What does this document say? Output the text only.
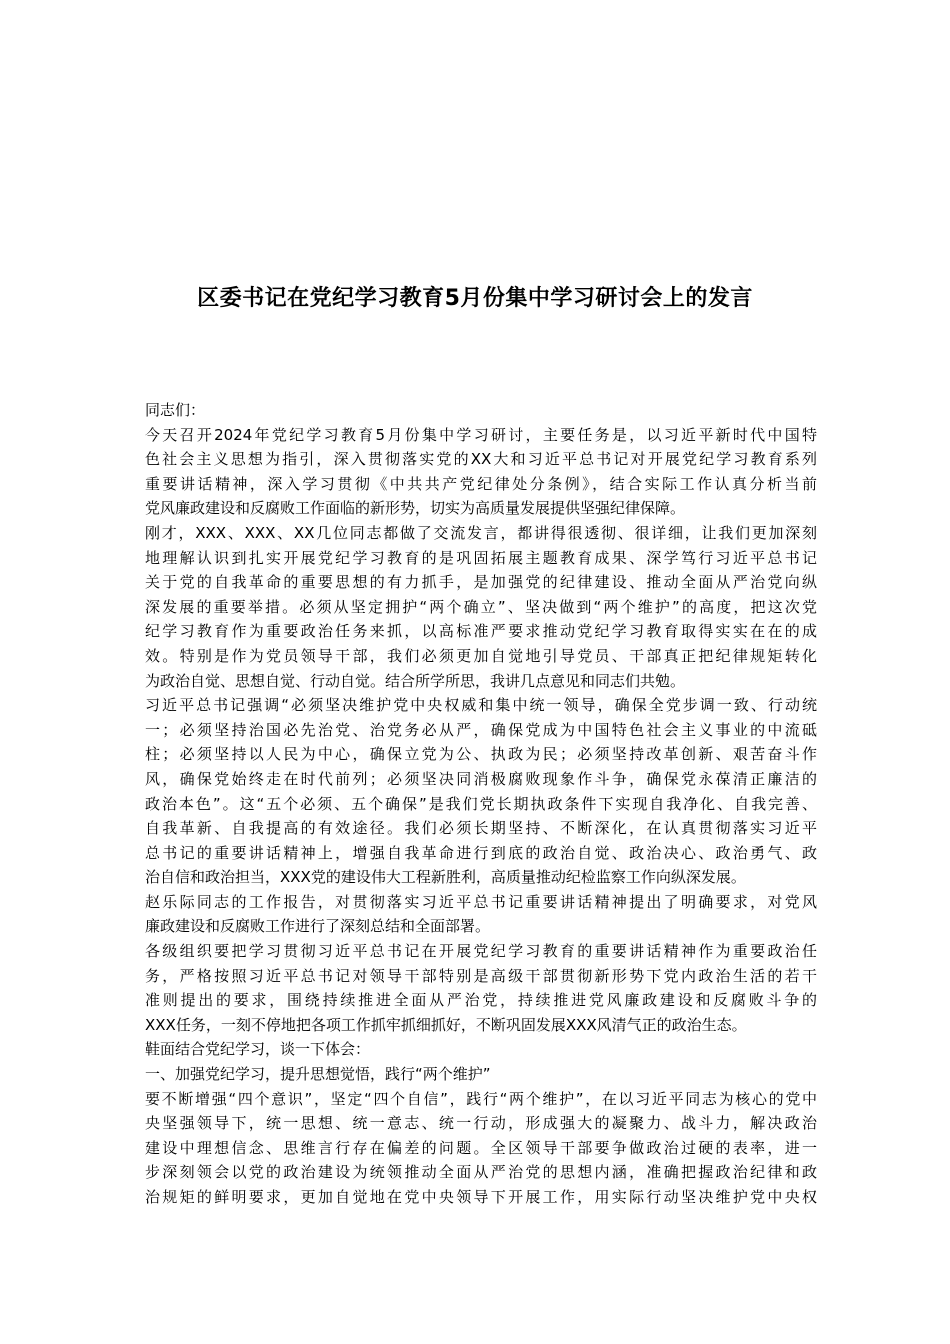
区委书记在党纪学习教育5月份集中学习研讨会上的发言
同志们：
今天召开2024年党纪学习教育5月份集中学习研讨，主要任务是，以习近平新时代中国特
色社会主义思想为指引，深入贯彻落实党的XX大和习近平总书记对开展党纪学习教育系列
重要讲话精神，深入学习贯彻《中共共产党纪律处分条例》，结合实际工作认真分析当前
党风廉政建设和反腐败工作面临的新形势，切实为高质量发展提供坚强纪律保障。
刚才，XXX、XXX、XX几位同志都做了交流发言，都讲得很透彻、很详细，让我们更加深刻
地理解认识到扎实开展党纪学习教育的是巩固拓展主题教育成果、深学笃行习近平总书记
关于党的自我革命的重要思想的有力抓手，是加强党的纪律建设、推动全面从严治党向纵
深发展的重要举措。必须从坚定拥护“两个确立”、坚决做到“两个维护”的高度，把这次党
纪学习教育作为重要政治任务来抓，以高标准严要求推动党纪学习教育取得实实在在的成
效。特别是作为党员领导干部，我们必须更加自觉地引导党员、干部真正把纪律规矩转化
为政治自觉、思想自觉、行动自觉。结合所学所思，我讲几点意见和同志们共勉。
习近平总书记强调“必须坚决维护党中央权威和集中统一领导，确保全党步调一致、行动统
一；必须坚持治国必先治党、治党务必从严，确保党成为中国特色社会主义事业的中流砥
柱；必须坚持以人民为中心，确保立党为公、执政为民；必须坚持改革创新、艰苦奋斗作
风，确保党始终走在时代前列；必须坚决同消极腐败现象作斗争，确保党永葆清正廉洁的
政治本色”。这“五个必须、五个确保”是我们党长期执政条件下实现自我净化、自我完善、
自我革新、自我提高的有效途径。我们必须长期坚持、不断深化，在认真贯彻落实习近平
总书记的重要讲话精神上，增强自我革命进行到底的政治自觉、政治决心、政治勇气、政
治自信和政治担当，XXX党的建设伟大工程新胜利，高质量推动纪检监察工作向纵深发展。
赵乐际同志的工作报告，对贯彻落实习近平总书记重要讲话精神提出了明确要求，对党风
廉政建设和反腐败工作进行了深刻总结和全面部署。
各级组织要把学习贯彻习近平总书记在开展党纪学习教育的重要讲话精神作为重要政治任
务，严格按照习近平总书记对领导干部特别是高级干部贯彻新形势下党内政治生活的若干
准则提出的要求，围绕持续推进全面从严治党，持续推进党风廉政建设和反腐败斗争的
XXX任务，一刻不停地把各项工作抓牢抓细抓好，不断巩固发展XXX风清气正的政治生态。
鞋面结合党纪学习，谈一下体会：
一、加强党纪学习，提升思想觉悟，践行“两个维护”
要不断增强“四个意识”，坚定“四个自信”，践行“两个维护”，在以习近平同志为核心的党中
央坚强领导下，统一思想、统一意志、统一行动，形成强大的凝聚力、战斗力，解决政治
建设中理想信念、思维言行存在偏差的问题。全区领导干部要争做政治过硬的表率，进一
步深刻领会以党的政治建设为统领推动全面从严治党的思想内涵，准确把握政治纪律和政
治规矩的鲜明要求，更加自觉地在党中央领导下开展工作，用实际行动坚决维护党中央权
